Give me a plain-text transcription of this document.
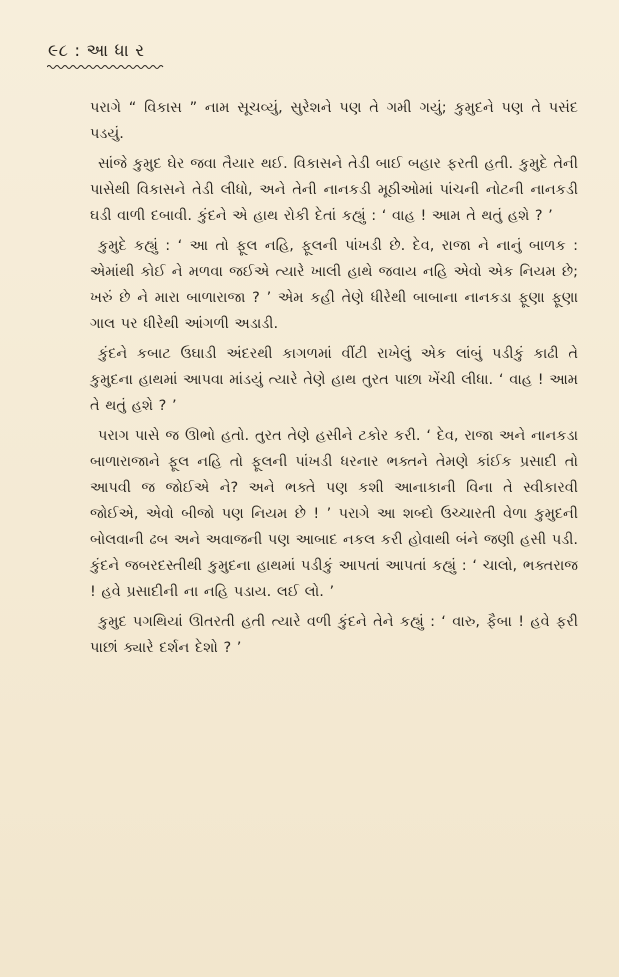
૯૮ : આ ધા ર

પરાગે “ વિકાસ ” નામ સૂચવ્યું, સુરેશને પણ તે ગમી ગયું; કુમુદને પણ તે પસંદ પડયું.

સાંજે કુમુદ ઘેર જવા તૈયાર થઈ. વિકાસને તેડી બાઈ બહાર ફરતી હતી. કુમુદે તેની પાસેથી વિકાસને તેડી લીધો, અને તેની નાનકડી મૂઠીઓમાં પાંચની નોટની નાનકડી ઘડી વાળી દબાવી. કુંદને એ હાથ રોકી દેતાં કહ્યું : ‘ વાહ ! આમ તે થતું હશે ? ’

કુમુદે કહ્યું : ‘ આ તો ફૂલ નહિ, ફૂલની પાંખડી છે. દેવ, રાજા ને નાનું બાળક : એમાંથી કોઈ ને મળવા જઈએ ત્યારે ખાલી હાથે જવાય નહિ એવો એક નિયમ છે; ખરું છે ને મારા બાળારાજા ? ’ એમ કહી તેણે ધીરેથી બાબાના નાનકડા ફૂણા ફૂણા ગાલ પર ધીરેથી આંગળી અડાડી.

કુંદને કબાટ ઉઘાડી અંદરથી કાગળમાં વીંટી રાખેલું એક લાંબું પડીકું કાઢી તે કુમુદના હાથમાં આપવા માંડયું ત્યારે તેણે હાથ તુરત પાછા ખેંચી લીધા. ‘ વાહ ! આમ તે થતું હશે ? ’

પરાગ પાસે જ ઊભો હતો. તુરત તેણે હસીને ટકોર કરી. ‘ દેવ, રાજા અને નાનકડા બાળારાજાને ફૂલ નહિ તો ફૂલની પાંખડી ધરનાર ભક્તને તેમણે કાંઈક પ્રસાદી તો આપવી જ જોઈએ ને? અને ભક્તે પણ કશી આનાકાની વિના તે સ્વીકારવી જોઈએ, એવો બીજો પણ નિયમ છે ! ’ પરાગે આ શબ્દો ઉચ્ચારતી વેળા કુમુદની બોલવાની ઢબ અને અવાજની પણ આબાદ નકલ કરી હોવાથી બંને જણી હસી પડી. કુંદને જબરદસ્તીથી કુમુદના હાથમાં પડીકું આપતાં આપતાં કહ્યું : ‘ ચાલો, ભક્તરાજ ! હવે પ્રસાદીની ના નહિ પડાય. લઈ લો. ’

કુમુદ પગથિયાં ઊતરતી હતી ત્યારે વળી કુંદને તેને કહ્યું : ‘ વારુ, ફૈબા ! હવે ફરી પાછાં ક્યારે દર્શન દેશો ? ’
